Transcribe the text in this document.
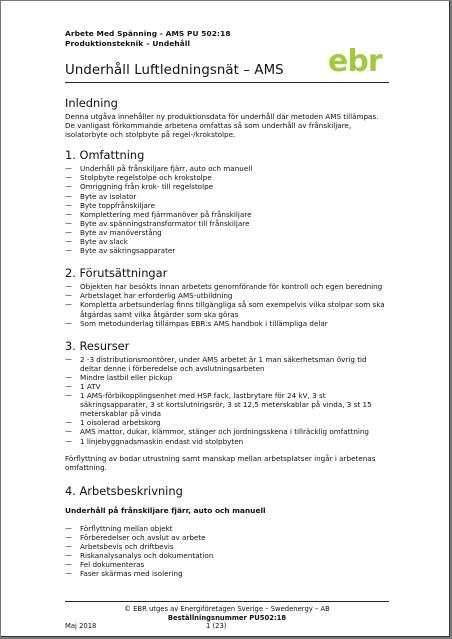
Arbete Med Spänning - AMS PU 502:18
Produktionsteknik – Undehåll
ebr
Underhåll Luftledningsnät – AMS
Inledning

Denna utgåva innehåller ny produktionsdata för underhåll där metoden AMS tillämpas. De vanligast förkommande arbetena omfattas så som underhåll av frånskiljare, isolatorbyte och stolpbyte på regel-/krokstolpe.

1. Omfattning
— Underhåll på frånskiljare fjärr, auto och manuell
— Stolpbyte regelstolpe och krokstolpe
— Omriggning från krok- till regelstolpe
— Byte av isolator
— Byte toppfrånskiljare
— Komplettering med fjärrmanöver på frånskiljare
— Byte av spänningstransformator till frånskiljare
— Byte av manöverstång
— Byte av slack
— Byte av säkringsapparater
2. Förutsättningar
— Objekten har besökts innan arbetets genomförande för kontroll och egen beredning
— Arbetslaget har erforderlig AMS-utbildning
— Kompletta arbetsunderlag finns tillgängliga så som exempelvis vilka stolpar som ska åtgärdas samt vilka åtgärder som ska göras
— Som metodunderlag tillämpas EBR:s AMS handbok i tillämpliga delar
3. Resurser
— 2 -3 distributionsmontörer, under AMS arbetet är 1 man säkerhetsman övrig tid deltar denne i förberedelse och avslutningsarbeten
— Mindre lastbil eller pickup
— 1 ATV
— 1 AMS-förbikopplingsenhet med HSP fack, lastbrytare för 24 kV, 3 st säkringsapparater, 3 st kortslutningsrör, 3 st 12,5 meterskablar på vinda, 3 st 15 meterskablar på vinda
— 1 oisolerad arbetskorg
— AMS mattor, dukar, klämmor, stänger och jordningsskena i tillräcklig omfattning
— 1 linjebyggnadsmaskin endast vid stolpbyten

Förflyttning av bodar utrustning samt manskap mellan arbetsplatser ingår i arbetenas omfattning.

4. Arbetsbeskrivning

Underhåll på frånskiljare fjärr, auto och manuell

— Förflyttning mellan objekt
— Förberedelser och avslut av arbete
— Arbetsbevis och driftbevis
— Riskanalysanalys och dokumentation
— Fel dokumenteras
— Faser skärmas med isolering
© EBR utges av Energiföretagen Sverige – Swedenergy – AB
Beställningsnummer PU502:18
Maj 2018	1 (23)
